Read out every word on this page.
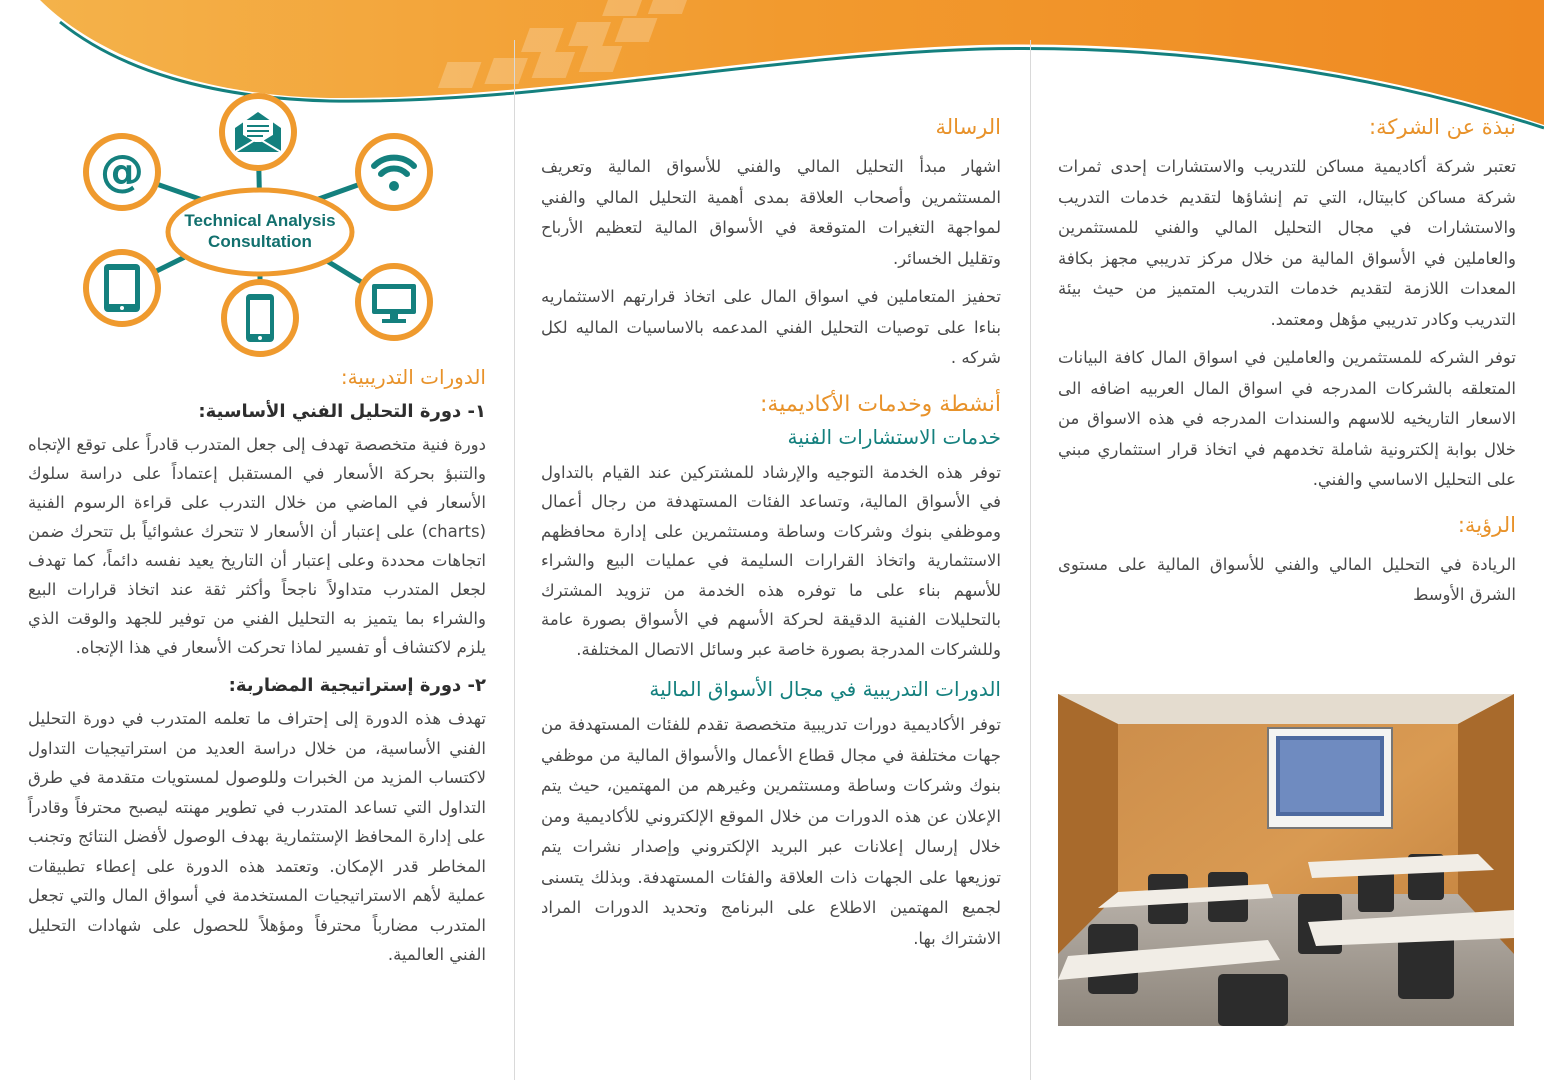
نبذة عن الشركة:

تعتبر شركة أكاديمية مساكن للتدريب والاستشارات إحدى ثمرات شركة مساكن كابيتال، التي تم إنشاؤها لتقديم خدمات التدريب والاستشارات في مجال التحليل المالي والفني للمستثمرين والعاملين في الأسواق المالية من خلال مركز تدريبي مجهز بكافة المعدات اللازمة لتقديم خدمات التدريب المتميز من حيث بيئة التدريب وكادر تدريبي مؤهل ومعتمد.

توفر الشركه للمستثمرين والعاملين في اسواق المال كافة البيانات المتعلقه بالشركات المدرجه في اسواق المال العربيه اضافه الى الاسعار التاريخيه للاسهم والسندات المدرجه في هذه الاسواق من خلال بوابة إلكترونية شاملة تخدمهم في اتخاذ قرار استثماري مبني على التحليل الاساسي والفني.

الرؤية:

الريادة في التحليل المالي والفني للأسواق المالية على مستوى الشرق الأوسط

الرسالة

اشهار مبدأ التحليل المالي والفني للأسواق المالية وتعريف المستثمرين وأصحاب العلاقة بمدى أهمية التحليل المالي والفني لمواجهة التغيرات المتوقعة في الأسواق المالية لتعظيم الأرباح وتقليل الخسائر.

تحفيز المتعاملين في اسواق المال على اتخاذ قرارتهم الاستثماريه بناءا على توصيات التحليل الفني المدعمه بالاساسيات الماليه لكل شركه .

أنشطة وخدمات الأكاديمية:
خدمات الاستشارات الفنية

توفر هذه الخدمة التوجيه والإرشاد للمشتركين عند القيام بالتداول في الأسواق المالية، وتساعد الفئات المستهدفة من رجال أعمال وموظفي بنوك وشركات وساطة ومستثمرين على إدارة محافظهم الاستثمارية واتخاذ القرارات السليمة في عمليات البيع والشراء للأسهم بناء على ما توفره هذه الخدمة من تزويد المشترك بالتحليلات الفنية الدقيقة لحركة الأسهم في الأسواق بصورة عامة وللشركات المدرجة بصورة خاصة عبر وسائل الاتصال المختلفة.

الدورات التدريبية في مجال الأسواق المالية

توفر الأكاديمية دورات تدريبية متخصصة تقدم للفئات المستهدفة من جهات مختلفة في مجال قطاع الأعمال والأسواق المالية من موظفي بنوك وشركات وساطة ومستثمرين وغيرهم من المهتمين، حيث يتم الإعلان عن هذه الدورات من خلال الموقع الإلكتروني للأكاديمية ومن خلال إرسال إعلانات عبر البريد الإلكتروني وإصدار نشرات يتم توزيعها على الجهات ذات العلاقة والفئات المستهدفة. وبذلك يتسنى لجميع المهتمين الاطلاع على البرنامج وتحديد الدورات المراد الاشتراك بها.

@
Technical Analysis
Consultation
الدورات التدريبية:
١- دورة التحليل الفني الأساسية:

دورة فنية متخصصة تهدف إلى جعل المتدرب قادراً على توقع الإتجاه والتنبؤ بحركة الأسعار في المستقبل إعتماداً على دراسة سلوك الأسعار في الماضي من خلال التدرب على قراءة الرسوم الفنية (charts) على إعتبار أن الأسعار لا تتحرك عشوائياً بل تتحرك ضمن اتجاهات محددة وعلى إعتبار أن التاريخ يعيد نفسه دائماً، كما تهدف لجعل المتدرب متداولاً ناجحاً وأكثر ثقة عند اتخاذ قرارات البيع والشراء بما يتميز به التحليل الفني من توفير للجهد والوقت الذي يلزم لاكتشاف أو تفسير لماذا تحركت الأسعار في هذا الإتجاه.

٢- دورة إستراتيجية المضاربة:

تهدف هذه الدورة إلى إحتراف ما تعلمه المتدرب في دورة التحليل الفني الأساسية، من خلال دراسة العديد من استراتيجيات التداول لاكتساب المزيد من الخبرات وللوصول لمستويات متقدمة في طرق التداول التي تساعد المتدرب في تطوير مهنته ليصبح محترفاً وقادراً على إدارة المحافظ الإستثمارية بهدف الوصول لأفضل النتائج وتجنب المخاطر قدر الإمكان. وتعتمد هذه الدورة على إعطاء تطبيقات عملية لأهم الاستراتيجيات المستخدمة في أسواق المال والتي تجعل المتدرب مضارباً محترفاً ومؤهلاً للحصول على شهادات التحليل الفني العالمية.
